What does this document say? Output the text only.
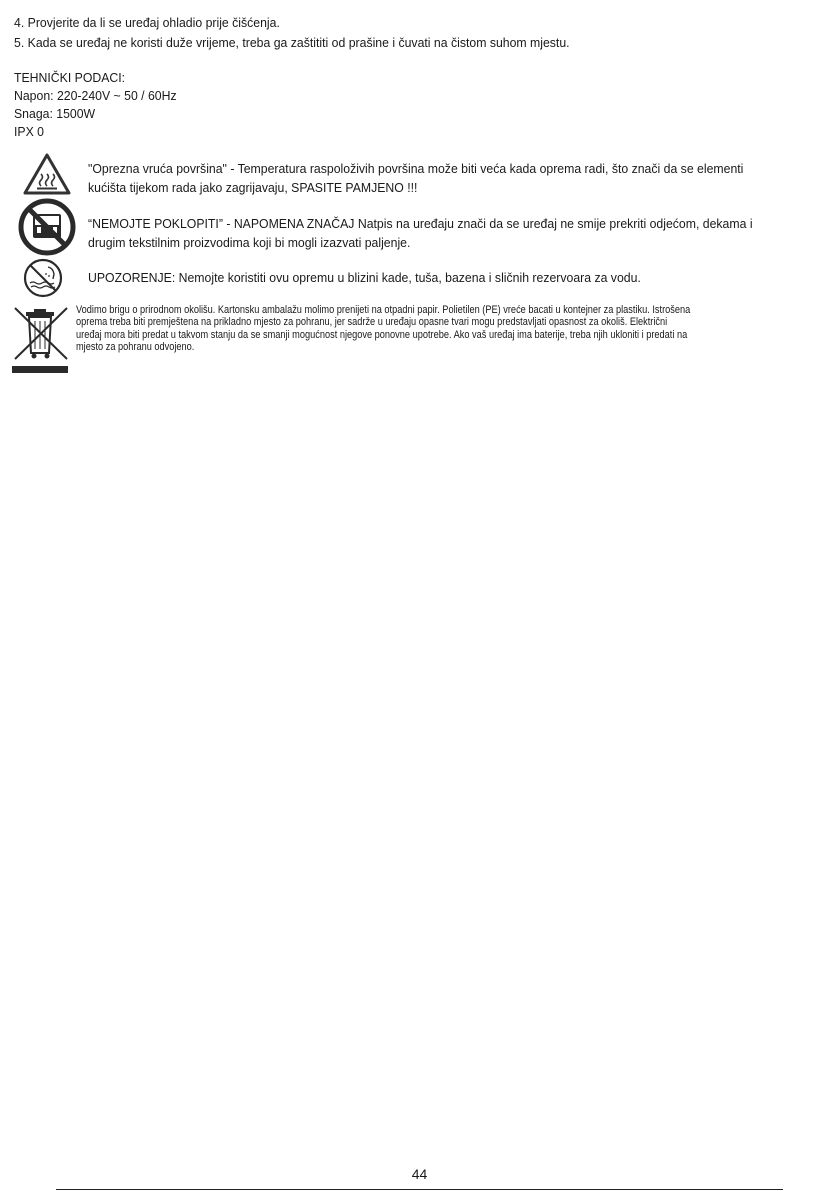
4. Provjerite da li se uređaj ohladio prije čišćenja.
5. Kada se uređaj ne koristi duže vrijeme, treba ga zaštititi od prašine i čuvati na čistom suhom mjestu.
TEHNIČKI PODACI:
Napon: 220-240V ~ 50 / 60Hz
Snaga: 1500W
IPX 0
"Oprezna vruća površina" - Temperatura raspoloživih površina može biti veća kada oprema radi, što znači da se elementi
kućišta tijekom rada jako zagrijavaju, SPASITE PAMJENO !!!
“NEMOJTE POKLOPITI” - NAPOMENA ZNAČAJ Natpis na uređaju znači da se uređaj ne smije prekriti odjećom, dekama i
drugim tekstilnim proizvodima koji bi mogli izazvati paljenje.
UPOZORENJE: Nemojte koristiti ovu opremu u blizini kade, tuša, bazena i sličnih rezervoara za vodu.
Vodimo brigu o prirodnom okolišu. Kartonsku ambalažu molimo prenijeti na otpadni papir. Polietilen (PE) vreće bacati u kontejner za plastiku. Istrošena
oprema treba biti premještena na prikladno mjesto za pohranu, jer sadrže u uređaju opasne tvari mogu predstavljati opasnost za okoliš. Električni
uređaj mora biti predat u takvom stanju da se smanji mogućnost njegove ponovne upotrebe. Ako vaš uređaj ima baterije, treba njih ukloniti i predati na
mjesto za pohranu odvojeno.
44
